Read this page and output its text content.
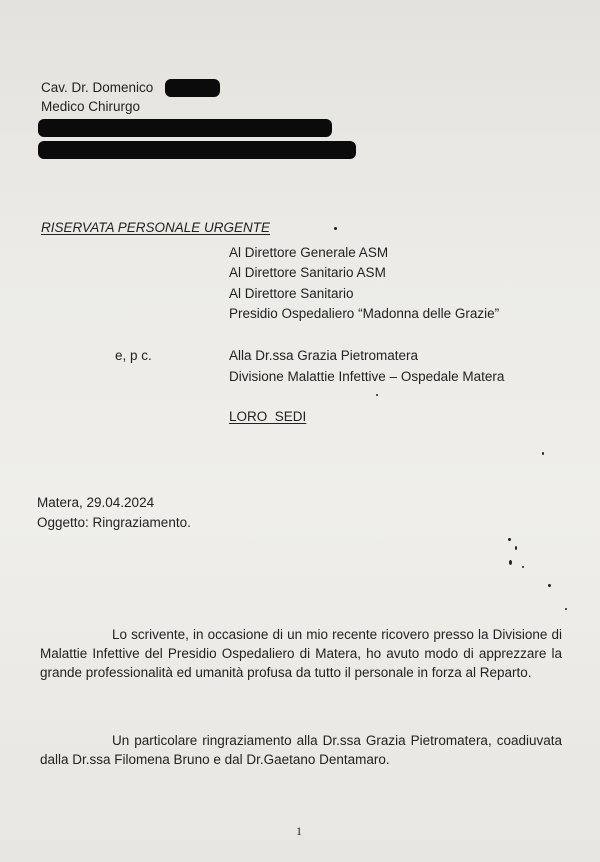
Cav. Dr. Domenico
Medico Chirurgo
RISERVATA PERSONALE URGENTE
Al Direttore Generale ASM
Al Direttore Sanitario ASM
Al Direttore Sanitario
Presidio Ospedaliero “Madonna delle Grazie”
e, p c.	Alla Dr.ssa Grazia Pietromatera
Divisione Malattie Infettive – Ospedale Matera
LORO  SEDI
Matera, 29.04.2024
Oggetto: Ringraziamento.
Lo scrivente, in occasione di un mio recente ricovero presso la Divisione di Malattie Infettive del Presidio Ospedaliero di Matera, ho avuto modo di apprezzare la grande professionalità ed umanità profusa da tutto il personale in forza al Reparto.
Un particolare ringraziamento alla Dr.ssa Grazia Pietromatera, coadiuvata dalla Dr.ssa Filomena Bruno e dal Dr.Gaetano Dentamaro.
1
